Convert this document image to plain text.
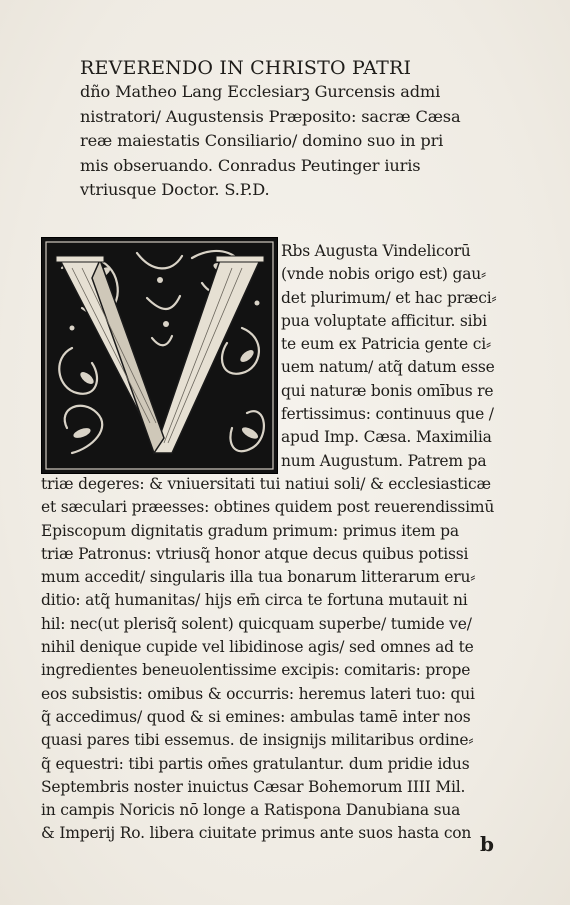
REVERENDO IN CHRISTO PATRI
dño Matheo Lang Ecclesiarꝫ Gurcensis admi
nistratori/ Augustensis Præposito: sacræ Cæsa
reæ maiestatis Consiliario/ domino suo in pri
mis obseruando. Conradus Peutinger iuris
vtriusque Doctor. S.P.D.
Rbs Augusta Vindelicorū
(vnde nobis origo est) gau⸗
det plurimum/ et hac præci⸗
pua voluptate afficitur. sibi
te eum ex Patricia gente ci⸗
uem natum/ atq̃ datum esse
qui naturæ bonis omībus re
fertissimus: continuus que /
apud Imp. Cæsa. Maximilia
num Augustum. Patrem pa
triæ degeres: & vniuersitati tui natiui soli/ & ecclesiasticæ
et sæculari præesses: obtines quidem post reuerendissimū
Episcopum dignitatis gradum primum: primus item pa
triæ Patronus: vtriusq̃ honor atque decus quibus potissi
mum accedit/ singularis illa tua bonarum litterarum eru⸗
ditio: atq̃ humanitas/ hijs em̄ circa te fortuna mutauit ni
hil: nec(ut plerisq̃ solent) quicquam superbe/ tumide ve/
nihil denique cupide vel libidinose agis/ sed omnes ad te
ingredientes beneuolentissime excipis: comitaris: prope
eos subsistis: omibus & occurris: heremus lateri tuo: qui
q̃ accedimus/ quod & si emines: ambulas tamē inter nos
quasi pares tibi essemus. de insignijs militaribus ordine⸗
q̃ equestri: tibi partis om̄es gratulantur. dum pridie idus
Septembris noster inuictus Cæsar Bohemorum IIII Mil.
in campis Noricis nō longe a Ratispona Danubiana sua
& Imperij Ro. libera ciuitate primus ante suos hasta con b
